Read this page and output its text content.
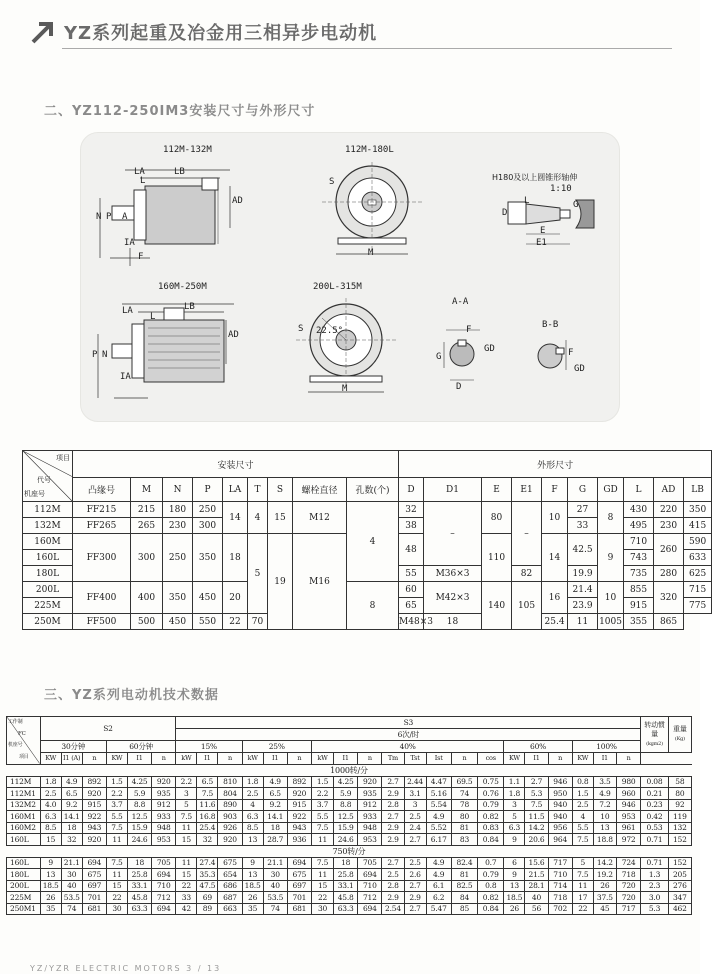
YZ系列起重及冶金用三相异步电动机
二、YZ112-250IM3安装尺寸与外形尺寸
112M-132M
LA	LB
L
AD
N P A
IA
F
112M-180L
S
M
H180及以上圆锥形轴伸
1:10
D
L
E
E1
G
160M-250M
LA	LB
L
AD
N
P
IA
200L-315M
S 22.5°
M
A-A
F
GD
G
D
B-B
F
GD
项目
代号
机座号	安装尺寸									外形尺寸									
	凸缘号	M	N	P	LA	T	S	螺栓直径	孔数(个)	D	D1	E	E1	F	G	GD	L	AD	LB
112M	FF215	215	180	250	14	4	15	M12	4	32	–	80	–	10	27	8	430	220	350
132M	FF265	265	230	300						38					33		495	230	415
160M	FF300	300	250	350	18	5	19	M16		48		110		14	42.5	9	710	260	590
160L																	743		633
180L										55	M36×3		82		19.9		735	280	625
200L	FF400	400	350	450	20				8	60	M42×3	140	105	16	21.4	10	855	320	715
225M										65					23.9		915		775
250M	FF500	500	450	550	22	70				M48×3	18			25.4	11	1005	355	865	
三、YZ系列电动机技术数据
工作制
FC
机座号
项目	S2						S3																				转动惯量
(kgm2)	重量
(Kg)
							6次/时																					
	30分钟			60分钟			15%			25%			40%								60%			100%				
	KW	I1 (A)	n	KW	I1	n	kW	I1	n	kW	I1	n	kW	I1	n	Tm	Tst	Ist	n	cos	KW	I1	n	KW	I1	n		
1000转/分																												
112M	1.8	4.9	892	1.5	4.25	920	2.2	6.5	810	1.8	4.9	892	1.5	4.25	920	2.7	2.44	4.47	69.5	0.75	1.1	2.7	946	0.8	3.5	980	0.08	58
112M1	2.5	6.5	920	2.2	5.9	935	3	7.5	804	2.5	6.5	920	2.2	5.9	935	2.9	3.1	5.16	74	0.76	1.8	5.3	950	1.5	4.9	960	0.21	80
132M2	4.0	9.2	915	3.7	8.8	912	5	11.6	890	4	9.2	915	3.7	8.8	912	2.8	3	5.54	78	0.79	3	7.5	940	2.5	7.2	946	0.23	92
160M1	6.3	14.1	922	5.5	12.5	933	7.5	16.8	903	6.3	14.1	922	5.5	12.5	933	2.7	2.5	4.9	80	0.82	5	11.5	940	4	10	953	0.42	119
160M2	8.5	18	943	7.5	15.9	948	11	25.4	926	8.5	18	943	7.5	15.9	948	2.9	2.4	5.52	81	0.83	6.3	14.2	956	5.5	13	961	0.53	132
160L	15	32	920	11	24.6	953	15	32	920	13	28.7	936	11	24.6	953	2.9	2.7	6.17	83	0.84	9	20.6	964	7.5	18.8	972	0.71	152
750转/分																												
160L	9	21.1	694	7.5	18	705	11	27.4	675	9	21.1	694	7.5	18	705	2.7	2.5	4.9	82.4	0.7	6	15.6	717	5	14.2	724	0.71	152
180L	13	30	675	11	25.8	694	15	35.3	654	13	30	675	11	25.8	694	2.5	2.6	4.9	81	0.79	9	21.5	710	7.5	19.2	718	1.3	205
200L	18.5	40	697	15	33.1	710	22	47.5	686	18.5	40	697	15	33.1	710	2.8	2.7	6.1	82.5	0.8	13	28.1	714	11	26	720	2.3	276
225M	26	53.5	701	22	45.8	712	33	69	687	26	53.5	701	22	45.8	712	2.9	2.9	6.2	84	0.82	18.5	40	718	17	37.5	720	3.0	347
250M1	35	74	681	30	63.3	694	42	89	663	35	74	681	30	63.3	694	2.54	2.7	5.47	85	0.84	26	56	702	22	45	717	5.3	462
YZ/YZR ELECTRIC MOTORS 3 / 13
